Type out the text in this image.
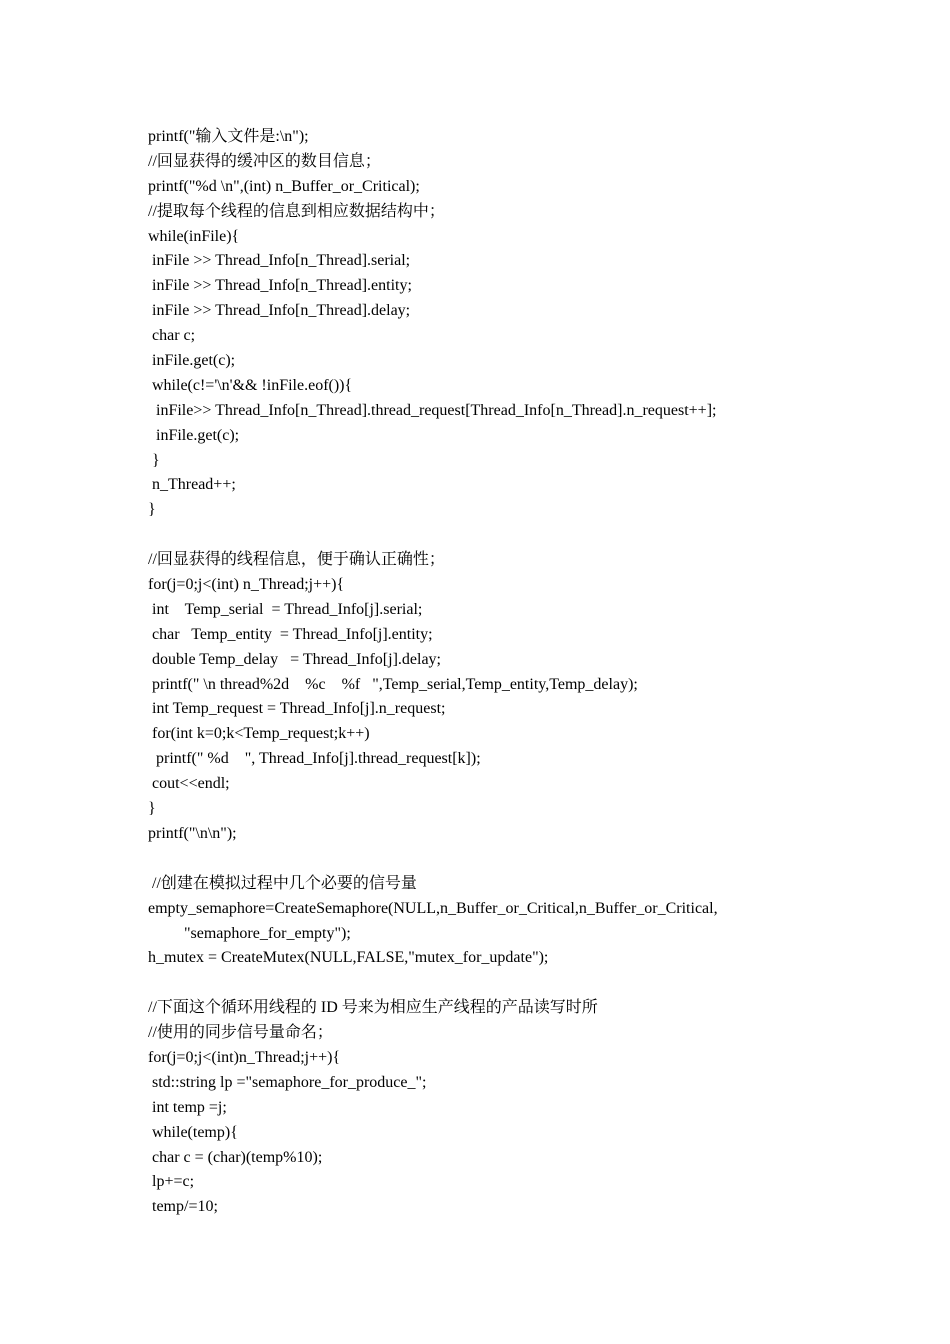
printf("输入文件是:\n");
//回显获得的缓冲区的数目信息；
printf("%d \n",(int) n_Buffer_or_Critical);
//提取每个线程的信息到相应数据结构中；
while(inFile){
inFile >> Thread_Info[n_Thread].serial;
inFile >> Thread_Info[n_Thread].entity;
inFile >> Thread_Info[n_Thread].delay;
char c;
inFile.get(c);
while(c!='\n'&& !inFile.eof()){
inFile>> Thread_Info[n_Thread].thread_request[Thread_Info[n_Thread].n_request++];
inFile.get(c);
}
n_Thread++;
}
//回显获得的线程信息，便于确认正确性；
for(j=0;j<(int) n_Thread;j++){
int    Temp_serial  = Thread_Info[j].serial;
char   Temp_entity  = Thread_Info[j].entity;
double Temp_delay   = Thread_Info[j].delay;
printf(" \n thread%2d    %c    %f   ",Temp_serial,Temp_entity,Temp_delay);
int Temp_request = Thread_Info[j].n_request;
for(int k=0;k<Temp_request;k++)
printf(" %d    ", Thread_Info[j].thread_request[k]);
cout<<endl;
}
printf("\n\n");
//创建在模拟过程中几个必要的信号量
empty_semaphore=CreateSemaphore(NULL,n_Buffer_or_Critical,n_Buffer_or_Critical,
"semaphore_for_empty");
h_mutex = CreateMutex(NULL,FALSE,"mutex_for_update");
//下面这个循环用线程的 ID 号来为相应生产线程的产品读写时所
//使用的同步信号量命名；
for(j=0;j<(int)n_Thread;j++){
std::string lp ="semaphore_for_produce_";
int temp =j;
while(temp){
char c = (char)(temp%10);
lp+=c;
temp/=10;
